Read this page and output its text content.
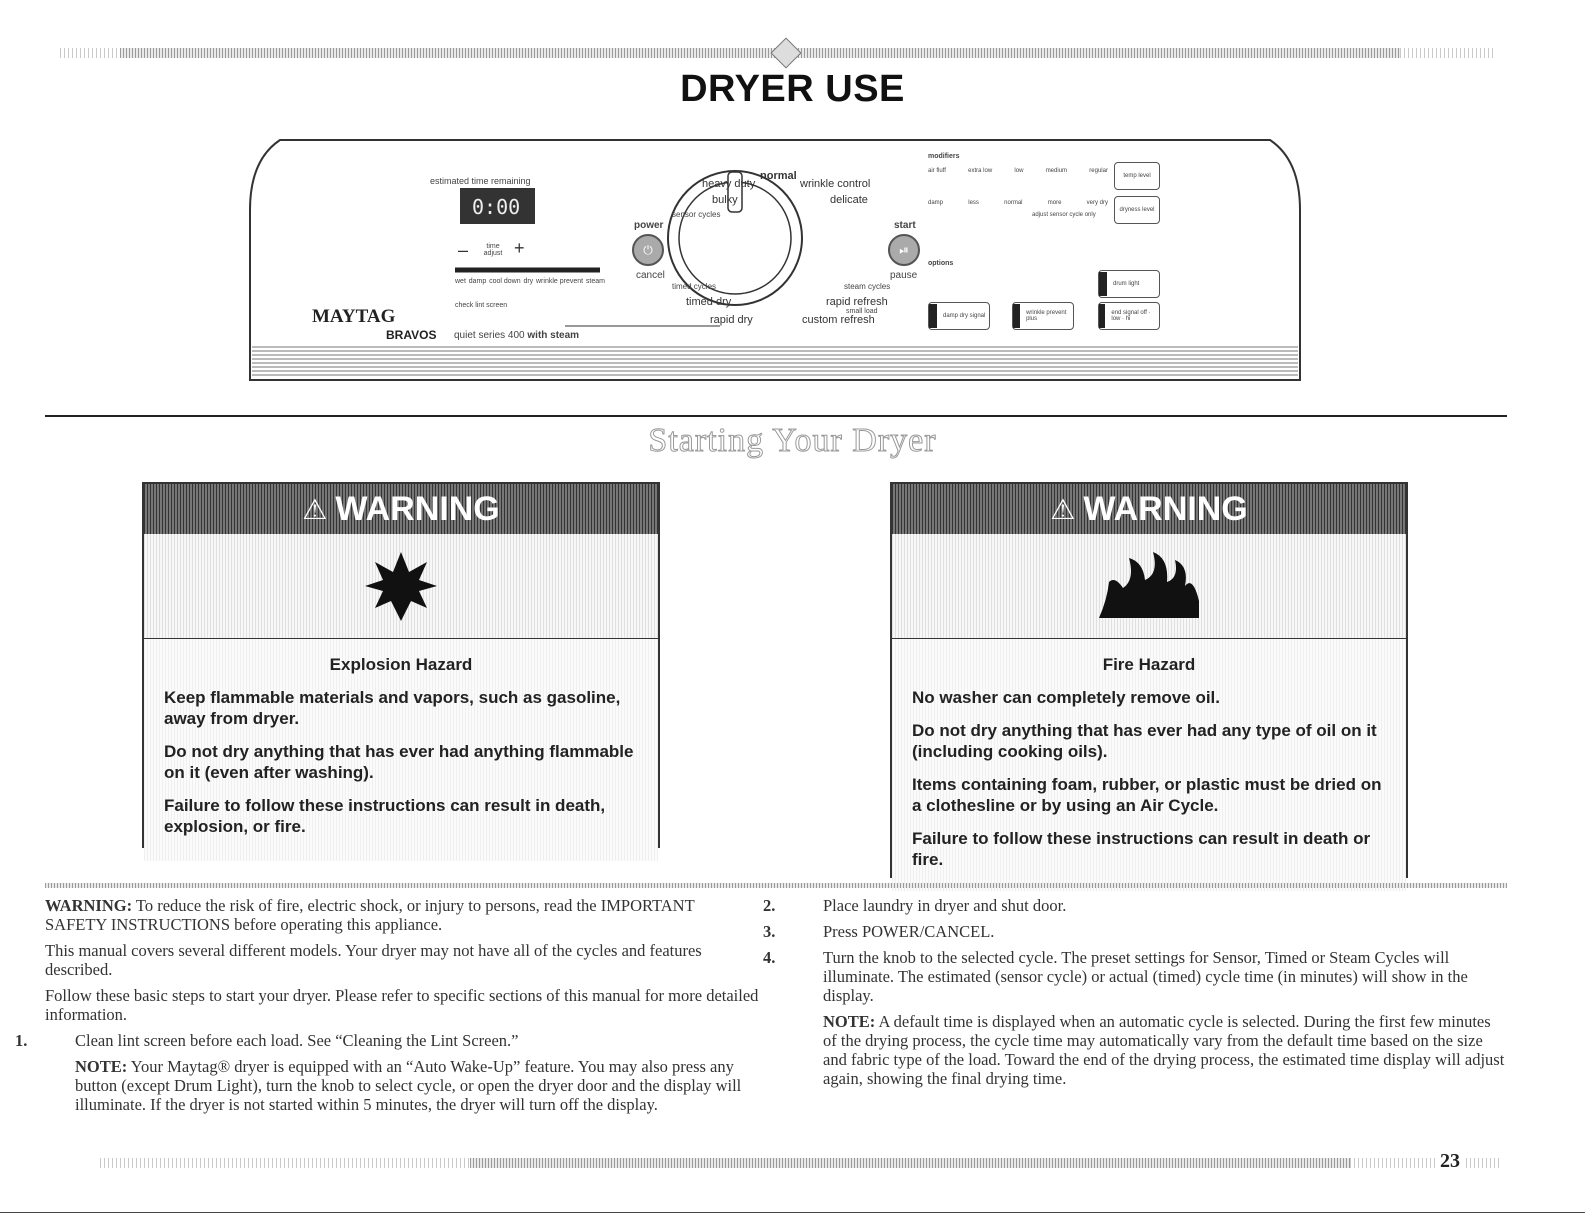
DRYER USE
estimated time remaining
0:00
–	time adjust +
wet damp cool down dry wrinkle prevent steam
check lint screen
MAYTAG
BRAVOS quiet series 400 with steam
power
⏻
cancel
start
⏯
pause
normal
heavy duty	wrinkle control
bulky	delicate
sensor cycles
timed cycles	steam cycles
timed dry	rapid refresh
small load
rapid dry	custom refresh
modifiers
air fluff	extra low	low	medium	regular
temp level
damp	less	normal	more	very dry
adjust sensor cycle only
dryness level
options
drum light
damp dry signal	wrinkle prevent plus
end signal off · low · hi
Starting Your Dryer
⚠ WARNING
Explosion Hazard

Keep flammable materials and vapors, such as gasoline, away from dryer.

Do not dry anything that has ever had anything flammable on it (even after washing).

Failure to follow these instructions can result in death, explosion, or fire.

⚠ WARNING
Fire Hazard

No washer can completely remove oil.

Do not dry anything that has ever had any type of oil on it (including cooking oils).

Items containing foam, rubber, or plastic must be dried on a clothesline or by using an Air Cycle.

Failure to follow these instructions can result in death or fire.

WARNING: To reduce the risk of fire, electric shock, or injury to persons, read the IMPORTANT SAFETY INSTRUCTIONS before operating this appliance.

This manual covers several different models. Your dryer may not have all of the cycles and features described.

Follow these basic steps to start your dryer. Please refer to specific sections of this manual for more detailed information.

1.	Clean lint screen before each load. See “Cleaning the Lint Screen.”

NOTE: Your Maytag® dryer is equipped with an “Auto Wake-Up” feature. You may also press any button (except Drum Light), turn the knob to select cycle, or open the dryer door and the display will illuminate. If the dryer is not started within 5 minutes, the dryer will turn off the display.

2.	Place laundry in dryer and shut door.

3.	Press POWER/CANCEL.

4.	Turn the knob to the selected cycle. The preset settings for Sensor, Timed or Steam Cycles will illuminate. The estimated (sensor cycle) or actual (timed) cycle time (in minutes) will show in the display.

NOTE: A default time is displayed when an automatic cycle is selected. During the first few minutes of the drying process, the cycle time may automatically vary from the default time based on the size and fabric type of the load. Toward the end of the drying process, the estimated time display will adjust again, showing the final drying time.

23
